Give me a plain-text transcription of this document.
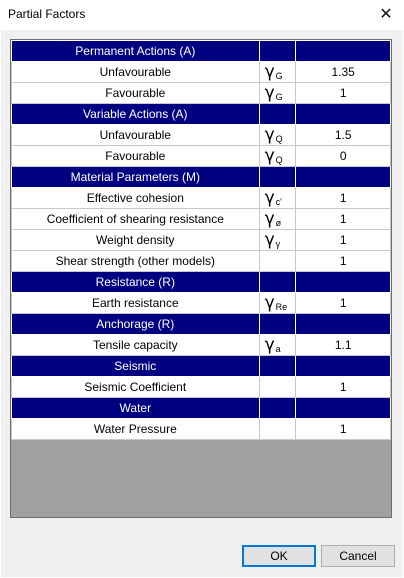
Partial Factors	✕
Permanent Actions (A)		
Unfavourable	γ G	1.35
Favourable	γ G	1
Variable Actions (A)		
Unfavourable	γ Q	1.5
Favourable	γ Q	0
Material Parameters (M)		
Effective cohesion	γ c'	1
Coefficient of shearing resistance	γ ø	1
Weight density	γ γ	1
Shear strength (other models)		1
Resistance (R)		
Earth resistance	γ Re	1
Anchorage (R)		
Tensile capacity	γ a	1.1
Seismic		
Seismic Coefficient		1
Water		
Water Pressure		1
OK	Cancel
